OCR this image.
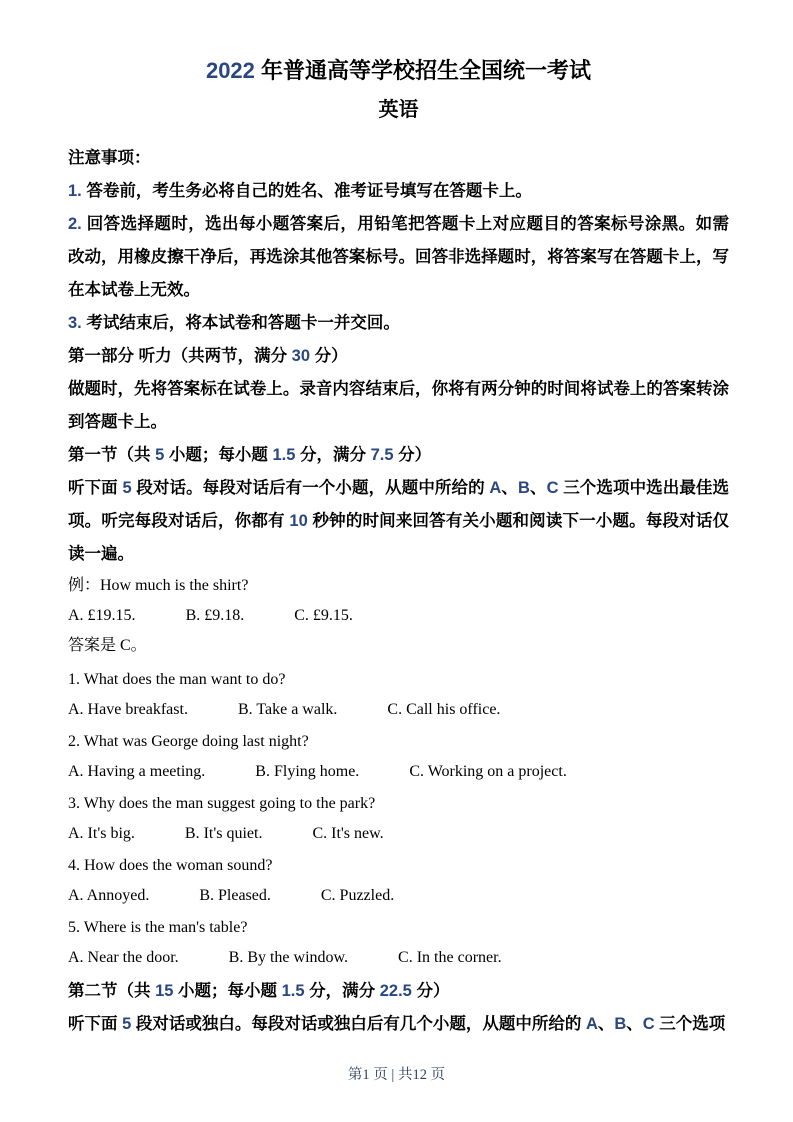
2022 年普通高等学校招生全国统一考试
英语

注意事项：

1. 答卷前，考生务必将自己的姓名、准考证号填写在答题卡上。

2. 回答选择题时，选出每小题答案后，用铅笔把答题卡上对应题目的答案标号涂黑。如需改动，用橡皮擦干净后，再选涂其他答案标号。回答非选择题时，将答案写在答题卡上，写在本试卷上无效。

3. 考试结束后，将本试卷和答题卡一并交回。

第一部分 听力（共两节，满分 30 分）

做题时，先将答案标在试卷上。录音内容结束后，你将有两分钟的时间将试卷上的答案转涂到答题卡上。

第一节（共 5 小题；每小题 1.5 分，满分 7.5 分）

听下面 5 段对话。每段对话后有一个小题，从题中所给的 A、B、C 三个选项中选出最佳选项。听完每段对话后，你都有 10 秒钟的时间来回答有关小题和阅读下一小题。每段对话仅读一遍。

例：How much is the shirt?

A. £19.15.	B. £9.18.	C. £9.15.

答案是 C。

1. What does the man want to do?

A. Have breakfast.	B. Take a walk.	C. Call his office.

2. What was George doing last night?

A. Having a meeting.	B. Flying home.	C. Working on a project.

3. Why does the man suggest going to the park?

A. It's big.	B. It's quiet.	C. It's new.

4. How does the woman sound?

A. Annoyed.	B. Pleased.	C. Puzzled.

5. Where is the man's table?

A. Near the door.	B. By the window.	C. In the corner.

第二节（共 15 小题；每小题 1.5 分，满分 22.5 分）

听下面 5 段对话或独白。每段对话或独白后有几个小题，从题中所给的 A、B、C 三个选项

第1 页 | 共12 页
